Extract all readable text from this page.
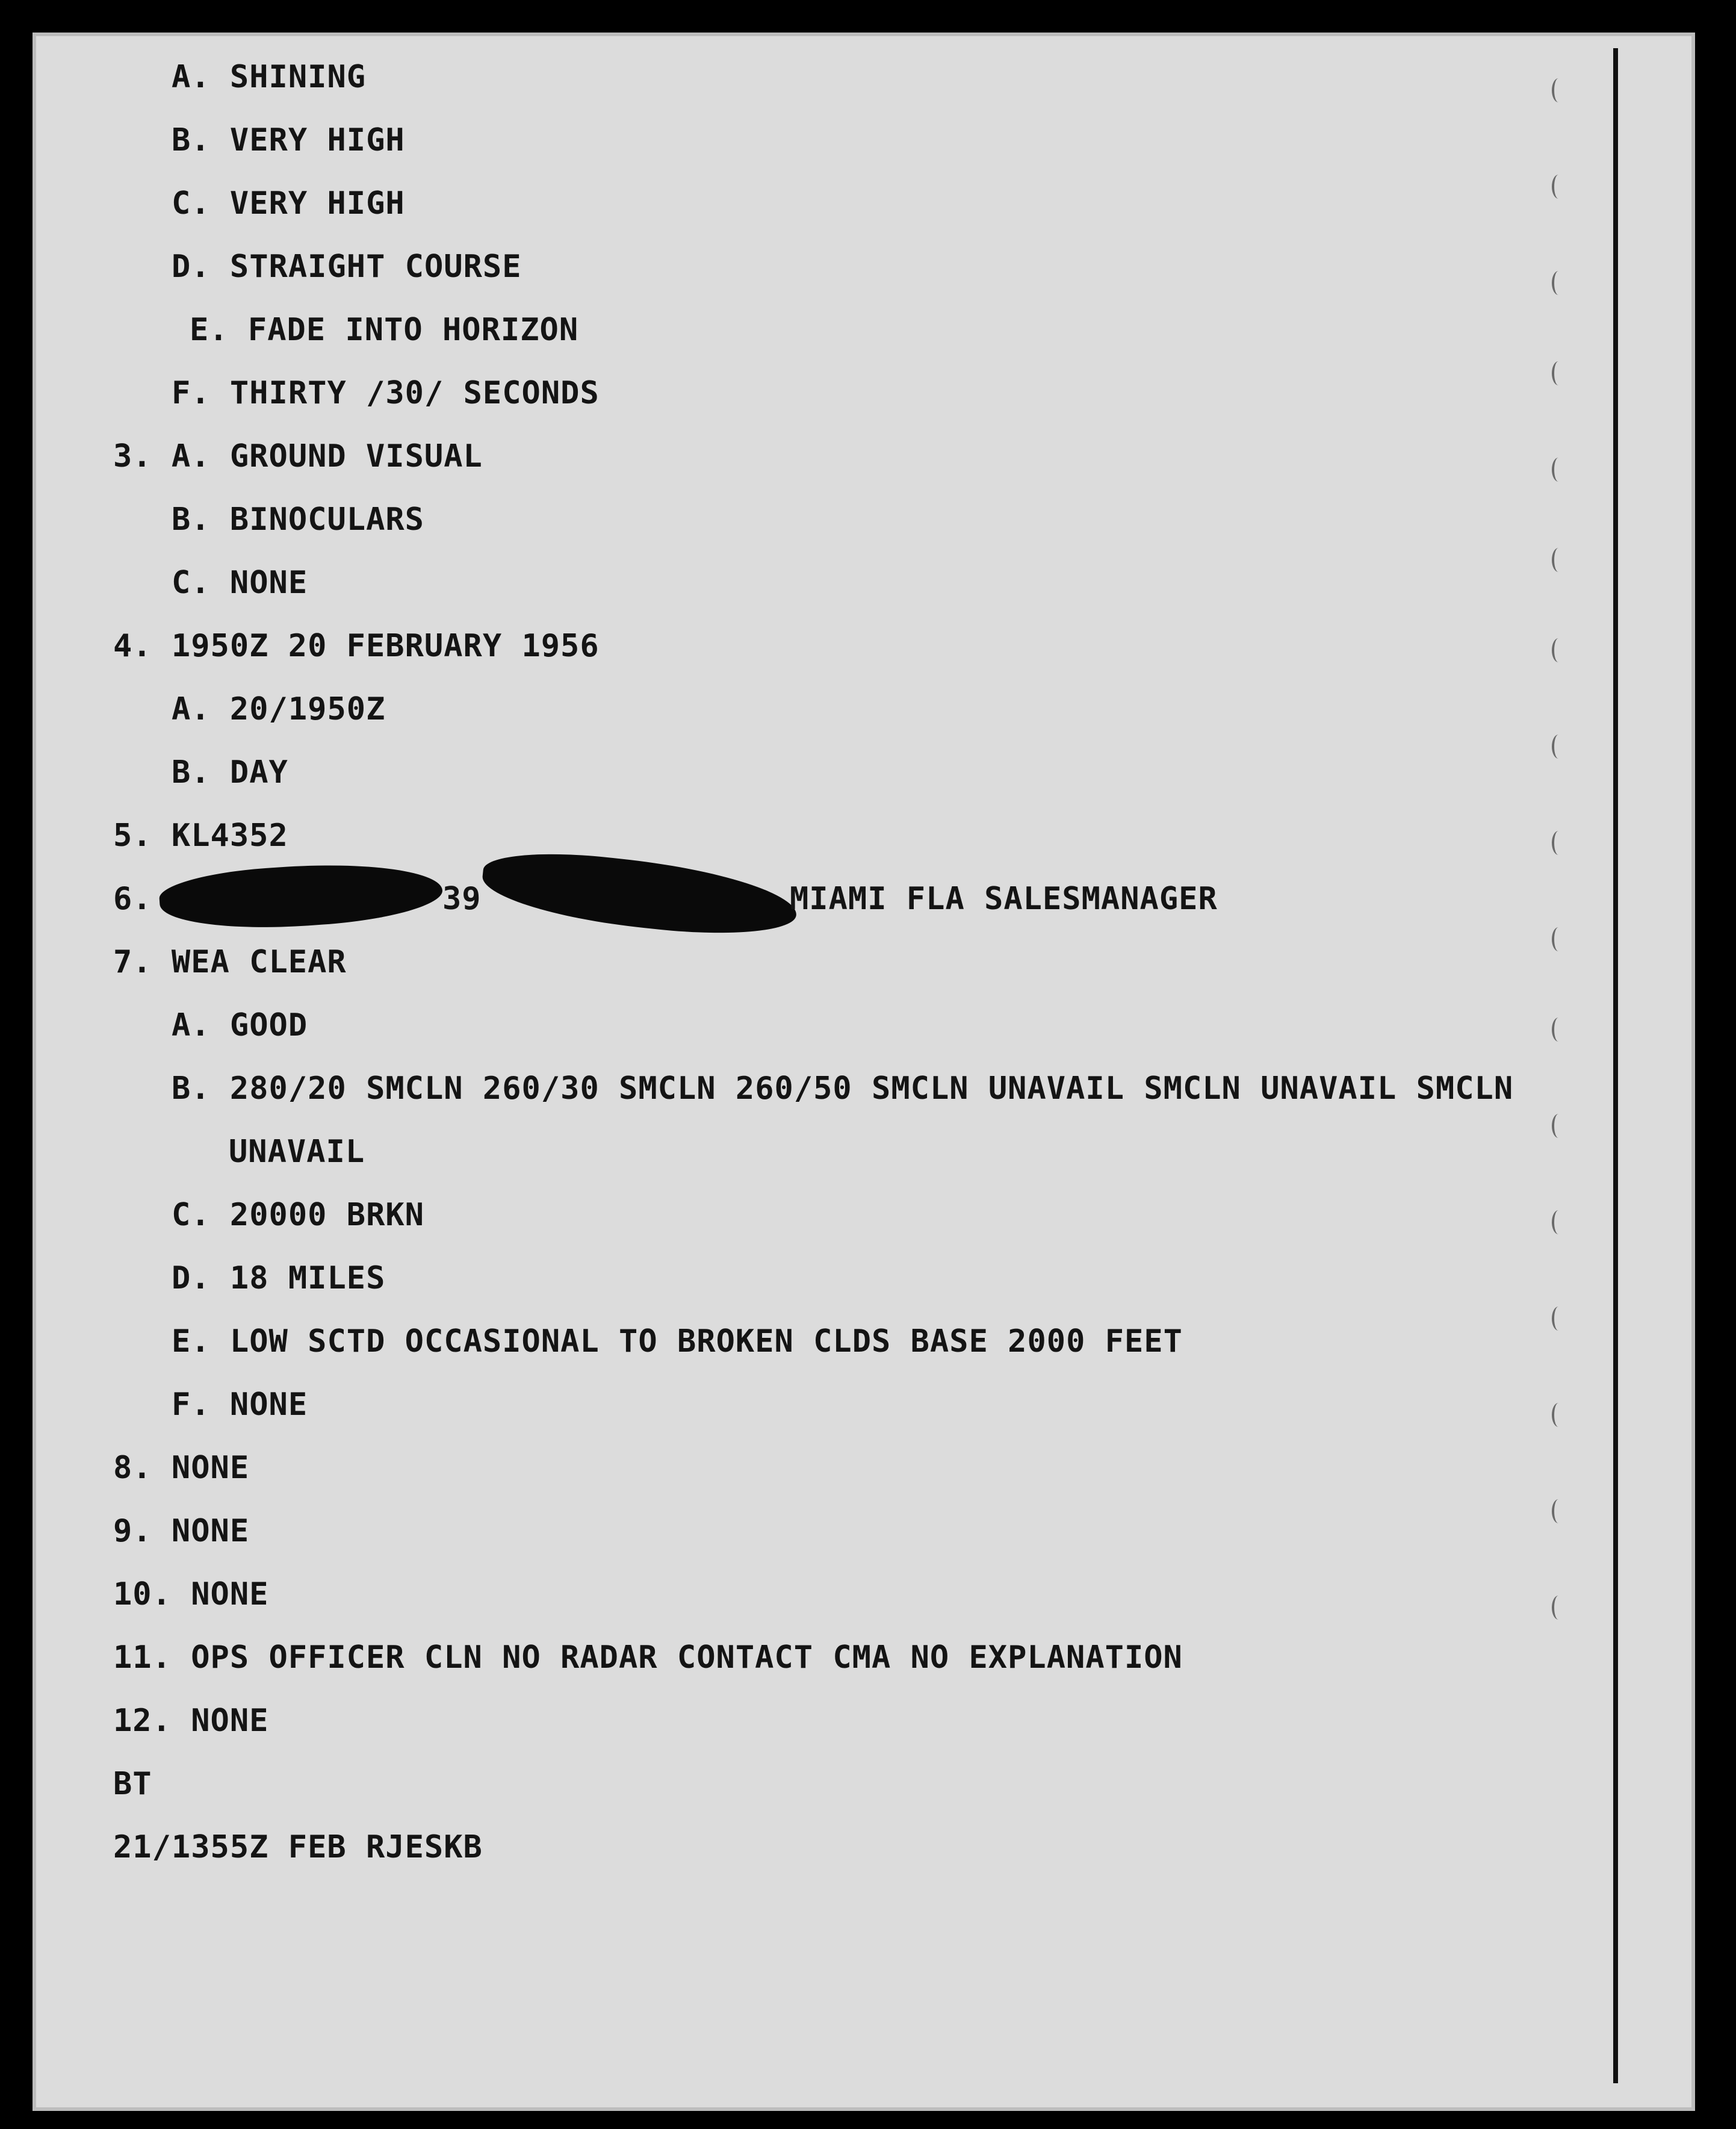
A. SHINING
B. VERY HIGH
C. VERY HIGH
D. STRAIGHT COURSE
E. FADE INTO HORIZON
F. THIRTY /30/ SECONDS
3. A. GROUND VISUAL
B. BINOCULARS
C. NONE
4. 1950Z 20 FEBRUARY 1956
A. 20/1950Z
B. DAY
5. KL4352
6.	39	MIAMI FLA SALESMANAGER
7. WEA CLEAR
A. GOOD
B. 280/20 SMCLN 260/30 SMCLN 260/50 SMCLN UNAVAIL SMCLN UNAVAIL SMCLN
UNAVAIL
C. 20000 BRKN
D. 18 MILES
E. LOW SCTD OCCASIONAL TO BROKEN CLDS BASE 2000 FEET
F. NONE
8. NONE
9. NONE
10. NONE
11. OPS OFFICER CLN NO RADAR CONTACT CMA NO EXPLANATION
12. NONE
BT
21/1355Z FEB RJESKB
